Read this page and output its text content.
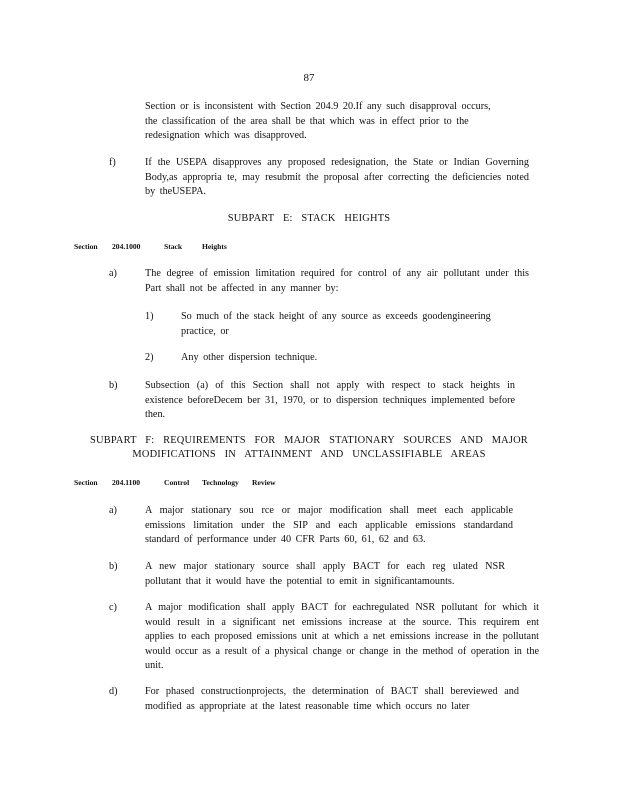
87
Section or is inconsistent with Section 204.9 20.If any such disapproval occurs, the classification of the area shall be that which was in effect prior to the redesignation which was disapproved.
f)	If the USEPA disapproves any proposed redesignation, the State or Indian Governing Body,as appropria te, may resubmit the proposal after correcting the deficiencies noted by theUSEPA.
SUBPART E: STACK HEIGHTS
Section 204.1000	Stack	Heights
a)	The degree of emission limitation required for control of any air pollutant under this Part shall not be affected in any manner by:
1)	So much of the stack height of any source as exceeds goodengineering practice, or
2)	Any other dispersion technique.
b)	Subsection (a) of this Section shall not apply with respect to stack heights in existence beforeDecem ber 31, 1970, or to dispersion techniques implemented before then.
SUBPART F: REQUIREMENTS FOR MAJOR STATIONARY SOURCES AND MAJOR
MODIFICATIONS IN ATTAINMENT AND UNCLASSIFIABLE AREAS
Section 204.1100	Control Technology Review
a)	A major stationary sou rce or major modification shall meet each applicable emissions limitation under the SIP and each applicable emissions standardand standard of performance under 40 CFR Parts 60, 61, 62 and 63.
b)	A new major stationary source shall apply BACT for each reg ulated NSR pollutant that it would have the potential to emit in significantamounts.
c)	A major modification shall apply BACT for eachregulated NSR pollutant for which it would result in a significant net emissions increase at the source. This requirem ent applies to each proposed emissions unit at which a net emissions increase in the pollutant would occur as a result of a physical change or change in the method of operation in the unit.
d)	For phased constructionprojects, the determination of BACT shall bereviewed and modified as appropriate at the latest reasonable time which occurs no later
